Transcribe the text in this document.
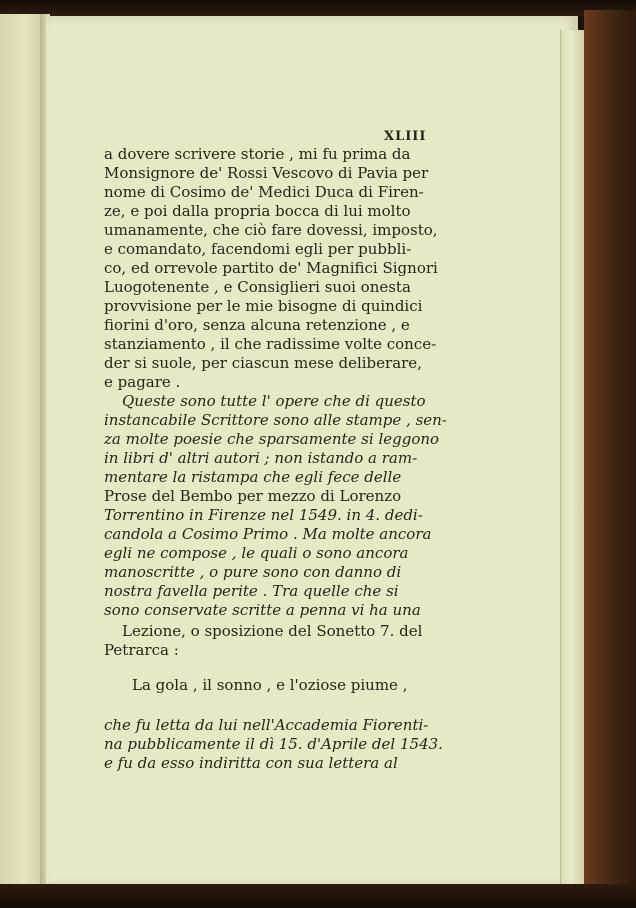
XLIII

a dovere scrivere storie , mi fu prima da

Monsignore de' Rossi Vescovo di Pavia per

nome di Cosimo de' Medici Duca di Firen-

ze, e poi dalla propria bocca di lui molto

umanamente, che ciò fare dovessi, imposto,

e comandato, facendomi egli per pubbli-

co, ed orrevole partito de' Magnifici Signori

Luogotenente , e Consiglieri suoi onesta

provvisione per le mie bisogne di quindici

fiorini d'oro, senza alcuna retenzione , e

stanziamento , il che radissime volte conce-

der si suole, per ciascun mese deliberare,

e pagare .

Queste sono tutte l' opere che di questo

instancabile Scrittore sono alle stampe , sen-

za molte poesie che sparsamente si leggono

in libri d' altri autori ; non istando a ram-

mentare la ristampa che egli fece delle

Prose del Bembo per mezzo di Lorenzo

Torrentino in Firenze nel 1549. in 4. dedi-

candola a Cosimo Primo . Ma molte ancora

egli ne compose , le quali o sono ancora

manoscritte , o pure sono con danno di

nostra favella perite . Tra quelle che si

sono conservate scritte a penna vi ha una

Lezione, o sposizione del Sonetto 7. del

Petrarca :

La gola , il sonno , e l'oziose piume ,

che fu letta da lui nell'Accademia Fiorenti-

na pubblicamente il dì 15. d'Aprile del 1543.

e fu da esso indiritta con sua lettera al
